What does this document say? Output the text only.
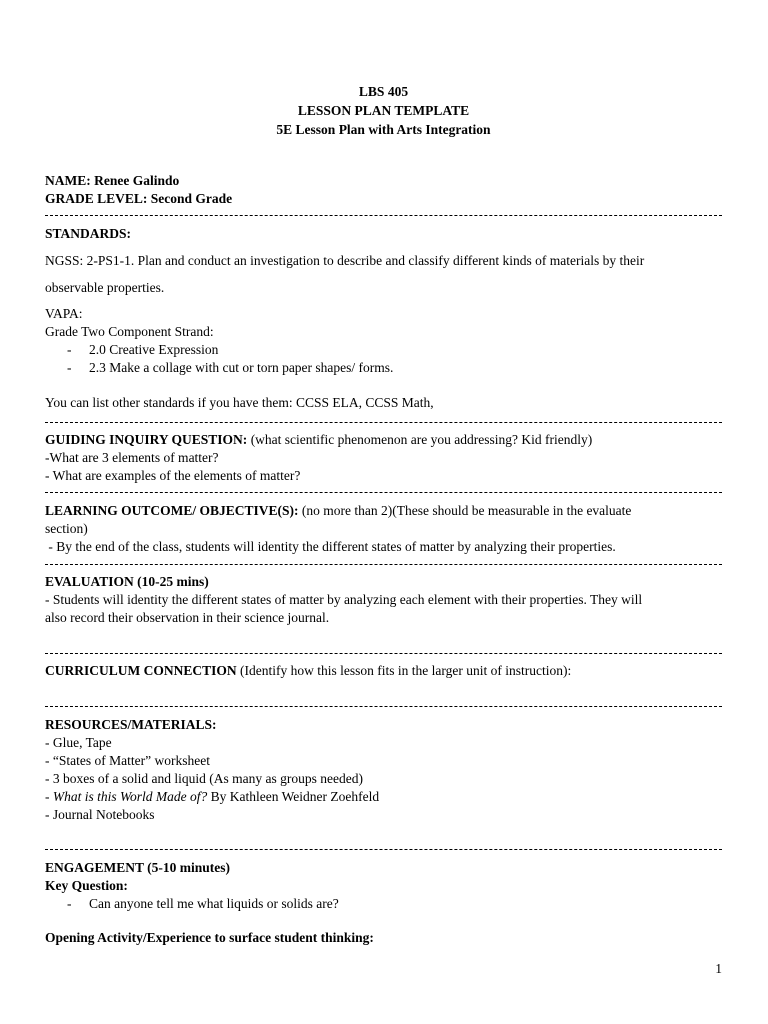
LBS 405
LESSON PLAN TEMPLATE
5E Lesson Plan with Arts Integration
NAME: Renee Galindo
GRADE LEVEL: Second Grade
STANDARDS:
NGSS: 2-PS1-1. Plan and conduct an investigation to describe and classify different kinds of materials by their
observable properties.
VAPA:
Grade Two Component Strand:
-	2.0 Creative Expression
-	2.3 Make a collage with cut or torn paper shapes/ forms.
You can list other standards if you have them: CCSS ELA, CCSS Math,
GUIDING INQUIRY QUESTION: (what scientific phenomenon are you addressing? Kid friendly)
-What are 3 elements of matter?
- What are examples of the elements of matter?
LEARNING OUTCOME/ OBJECTIVE(S): (no more than 2)(These should be measurable in the evaluate
section)
- By the end of the class, students will identity the different states of matter by analyzing their properties.
EVALUATION (10-25 mins)
- Students will identity the different states of matter by analyzing each element with their properties. They will
also record their observation in their science journal.
CURRICULUM CONNECTION (Identify how this lesson fits in the larger unit of instruction):
RESOURCES/MATERIALS:
- Glue, Tape
- “States of Matter” worksheet
- 3 boxes of a solid and liquid (As many as groups needed)
- What is this World Made of? By Kathleen Weidner Zoehfeld
- Journal Notebooks
ENGAGEMENT (5-10 minutes)
Key Question:
-	Can anyone tell me what liquids or solids are?
Opening Activity/Experience to surface student thinking:
1
